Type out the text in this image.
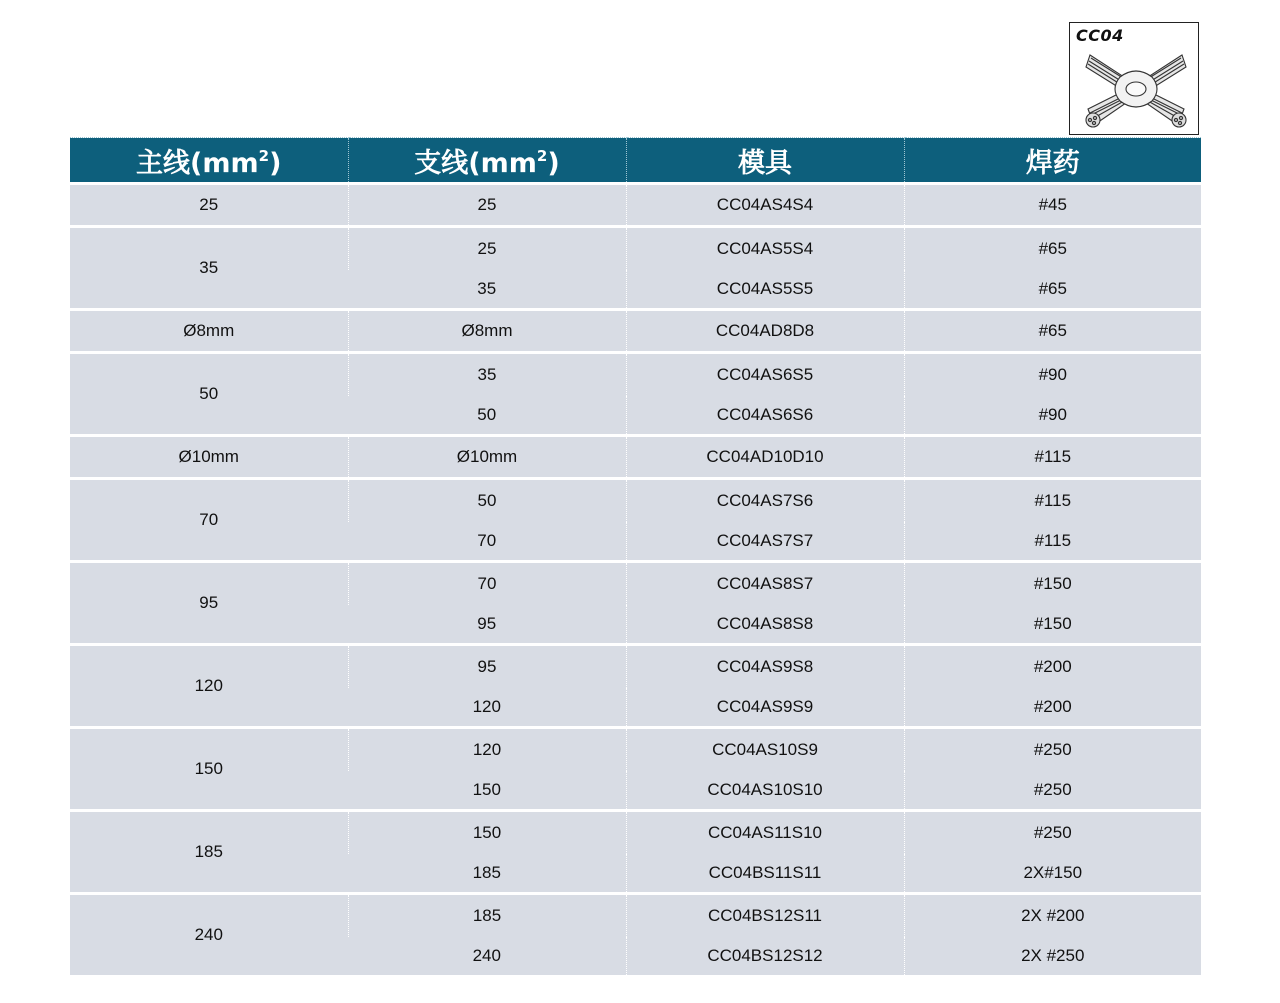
CC04
主线$(mm^2)$	支线$(mm^2)$	模具	焊药
25	25	CC04AS4S4	#45
35	25	CC04AS5S4	#65
	35	CC04AS5S5	#65
Ø8mm	Ø8mm	CC04AD8D8	#65
50	35	CC04AS6S5	#90
	50	CC04AS6S6	#90
Ø10mm	Ø10mm	CC04AD10D10	#115
70	50	CC04AS7S6	#115
	70	CC04AS7S7	#115
95	70	CC04AS8S7	#150
	95	CC04AS8S8	#150
120	95	CC04AS9S8	#200
	120	CC04AS9S9	#200
150	120	CC04AS10S9	#250
	150	CC04AS10S10	#250
185	150	CC04AS11S10	#250
	185	CC04BS11S11	2X#150
240	185	CC04BS12S11	2X #200
	240	CC04BS12S12	2X #250
